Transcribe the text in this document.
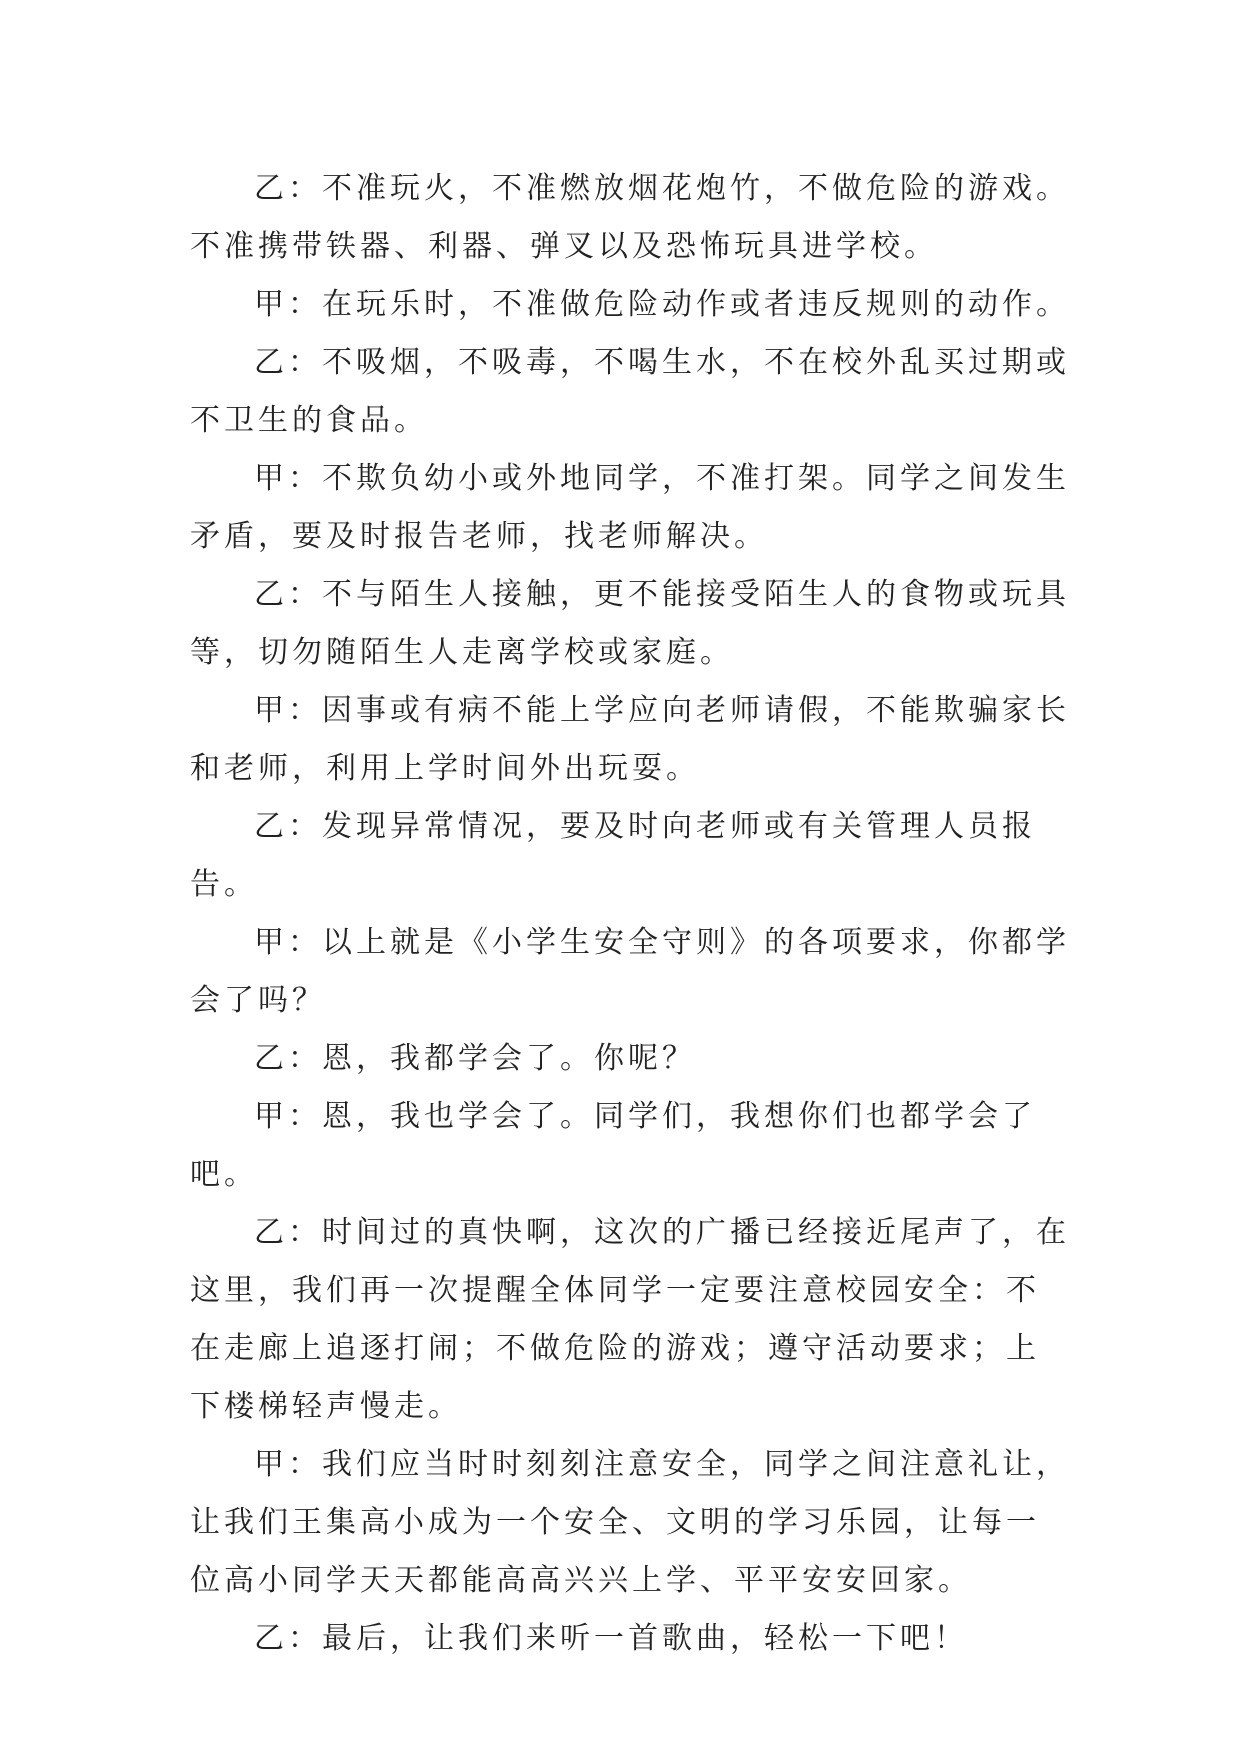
乙：不准玩火，不准燃放烟花炮竹，不做危险的游戏。不准携带铁器、利器、弹叉以及恐怖玩具进学校。

甲：在玩乐时，不准做危险动作或者违反规则的动作。

乙：不吸烟，不吸毒，不喝生水，不在校外乱买过期或不卫生的食品。

甲：不欺负幼小或外地同学，不准打架。同学之间发生矛盾，要及时报告老师，找老师解决。

乙：不与陌生人接触，更不能接受陌生人的食物或玩具等，切勿随陌生人走离学校或家庭。

甲：因事或有病不能上学应向老师请假，不能欺骗家长和老师，利用上学时间外出玩耍。

乙：发现异常情况，要及时向老师或有关管理人员报告。

甲：以上就是《小学生安全守则》的各项要求，你都学会了吗？

乙：恩，我都学会了。你呢？

甲：恩，我也学会了。同学们，我想你们也都学会了吧。

乙：时间过的真快啊，这次的广播已经接近尾声了，在这里，我们再一次提醒全体同学一定要注意校园安全：不在走廊上追逐打闹；不做危险的游戏；遵守活动要求；上下楼梯轻声慢走。

甲：我们应当时时刻刻注意安全，同学之间注意礼让，让我们王集高小成为一个安全、文明的学习乐园，让每一位高小同学天天都能高高兴兴上学、平平安安回家。

乙：最后，让我们来听一首歌曲，轻松一下吧！
